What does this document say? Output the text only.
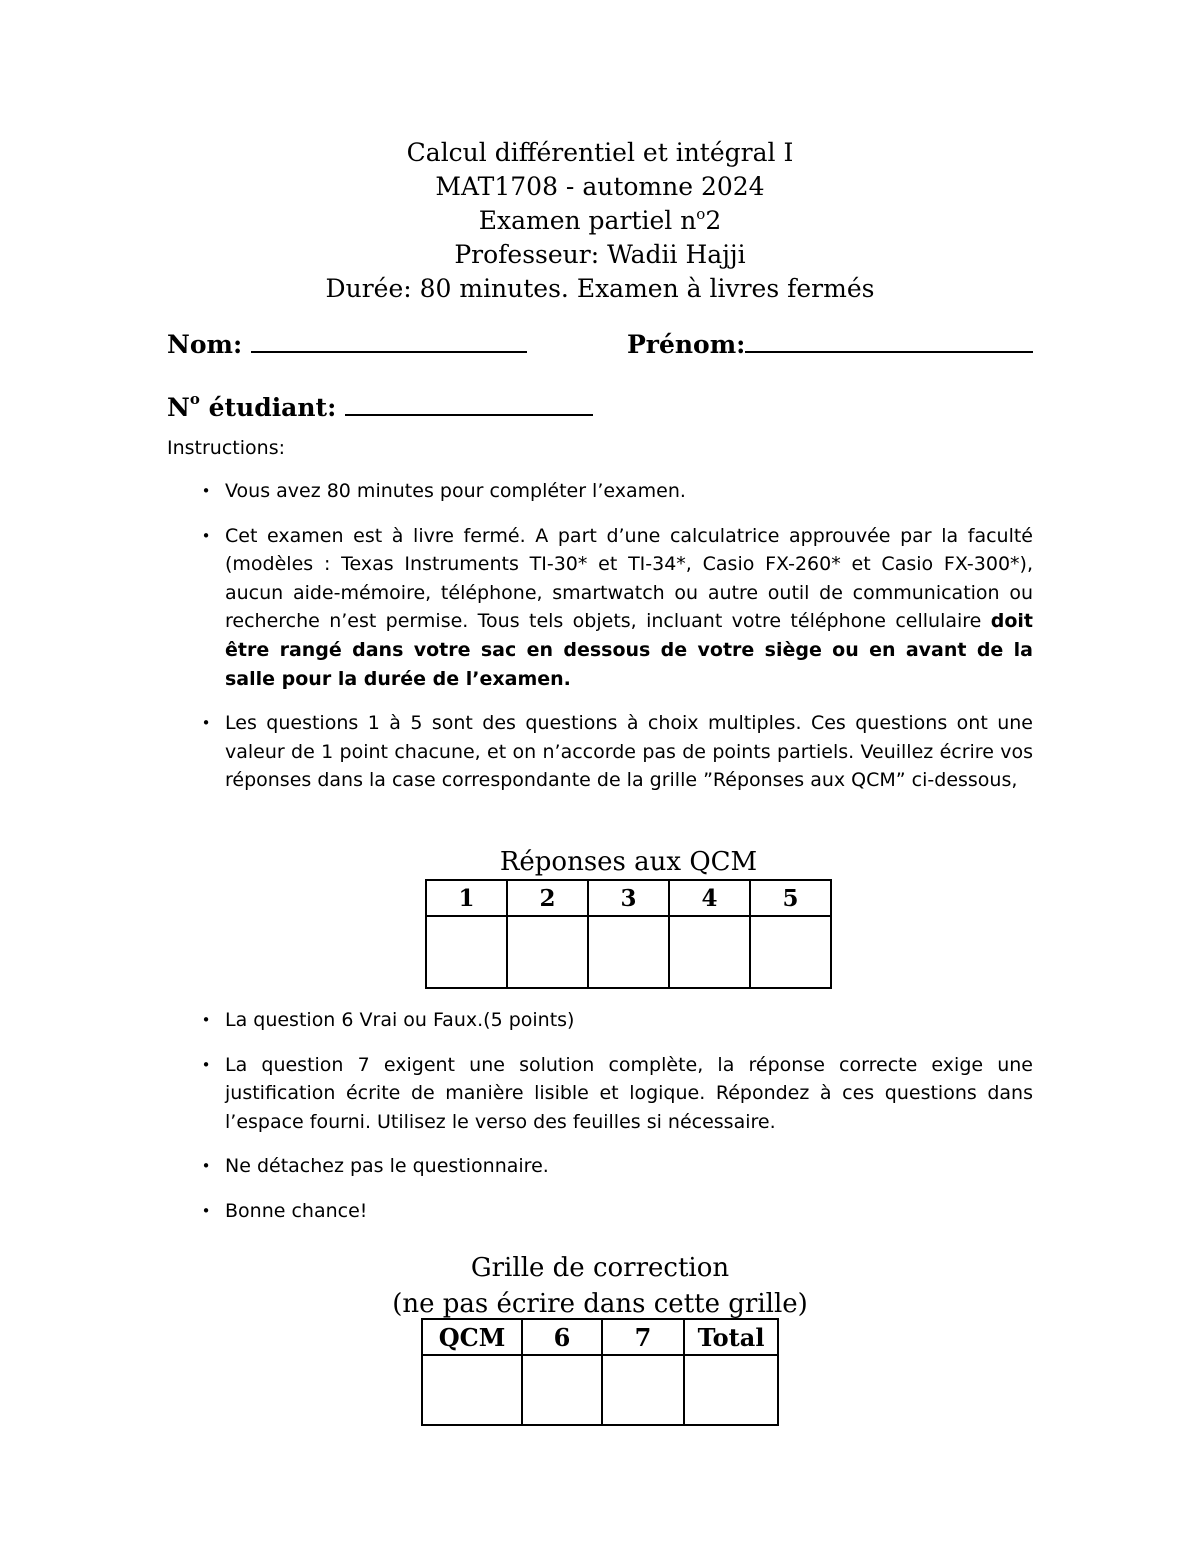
Calcul différentiel et intégral I
MAT1708 - automne 2024
Examen partiel $n^o2$
Professeur: Wadii Hajji
Durée: 80 minutes. Examen à livres fermés
Nom:	Prénom:
$N^o$ étudiant:
Instructions:
• Vous avez 80 minutes pour compléter l’examen.
• Cet examen est à livre fermé. A part d’une calculatrice approuvée par la faculté (modèles : Texas Instruments TI-30* et TI-34*, Casio FX-260* et Casio FX-300*), aucun aide-mémoire, téléphone, smartwatch ou autre outil de communication ou recherche n’est permise. Tous tels objets, incluant votre téléphone cellulaire doit être rangé dans votre sac en dessous de votre siège ou en avant de la salle pour la durée de l’examen.
• Les questions 1 à 5 sont des questions à choix multiples. Ces questions ont une valeur de 1 point chacune, et on n’accorde pas de points partiels. Veuillez écrire vos réponses dans la case correspondante de la grille ”Réponses aux QCM” ci-dessous,
Réponses aux QCM
1	2	3	4	5

• La question 6 Vrai ou Faux.(5 points)
• La question 7 exigent une solution complète, la réponse correcte exige une justification écrite de manière lisible et logique. Répondez à ces questions dans l’espace fourni. Utilisez le verso des feuilles si nécessaire.
• Ne détachez pas le questionnaire.
• Bonne chance!
Grille de correction
(ne pas écrire dans cette grille)
QCM	6	7	Total
